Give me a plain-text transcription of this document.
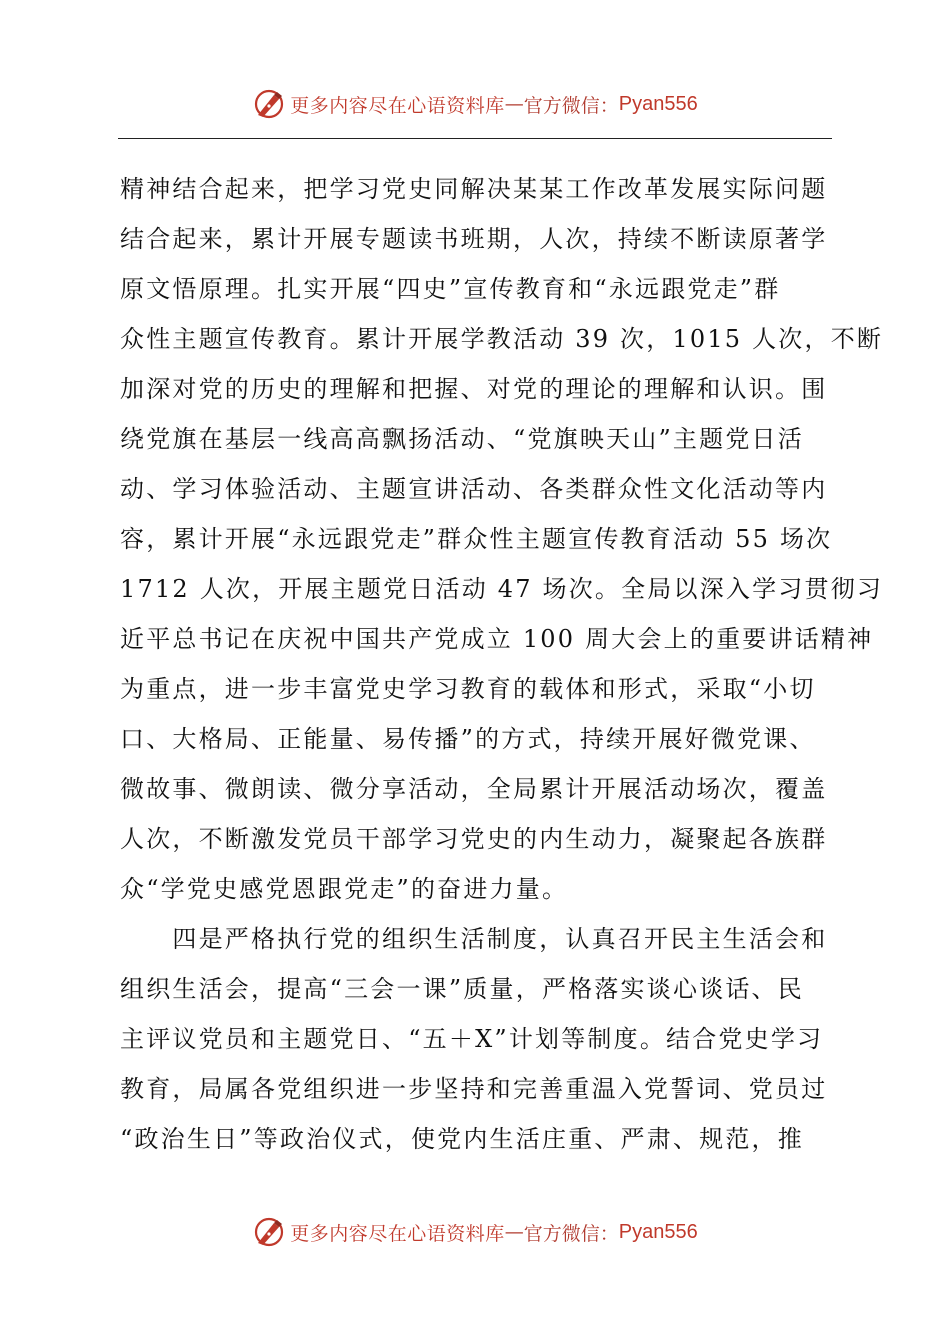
更多内容尽在心语资料库 — 官方微信： Pyan556
精神结合起来，把学习党史同解决某某工作改革发展实际问题
结合起来，累计开展专题读书班期，人次，持续不断读原著学
原文悟原理。扎实开展“四史”宣传教育和“永远跟党走”群
众性主题宣传教育。累计开展学教活动 39 次，1015 人次，不断
加深对党的历史的理解和把握、对党的理论的理解和认识。围
绕党旗在基层一线高高飘扬活动、“党旗映天山”主题党日活
动、学习体验活动、主题宣讲活动、各类群众性文化活动等内
容，累计开展“永远跟党走”群众性主题宣传教育活动 55 场次
1712 人次，开展主题党日活动 47 场次。全局以深入学习贯彻习
近平总书记在庆祝中国共产党成立 100 周大会上的重要讲话精神
为重点，进一步丰富党史学习教育的载体和形式，采取“小切
口、大格局、正能量、易传播”的方式，持续开展好微党课、
微故事、微朗读、微分享活动，全局累计开展活动场次，覆盖
人次，不断激发党员干部学习党史的内生动力，凝聚起各族群
众“学党史感党恩跟党走”的奋进力量。
　　四是严格执行党的组织生活制度，认真召开民主生活会和
组织生活会，提高“三会一课”质量，严格落实谈心谈话、民
主评议党员和主题党日、“五＋X”计划等制度。结合党史学习
教育，局属各党组织进一步坚持和完善重温入党誓词、党员过
“政治生日”等政治仪式，使党内生活庄重、严肃、规范，推
更多内容尽在心语资料库 — 官方微信： Pyan556
